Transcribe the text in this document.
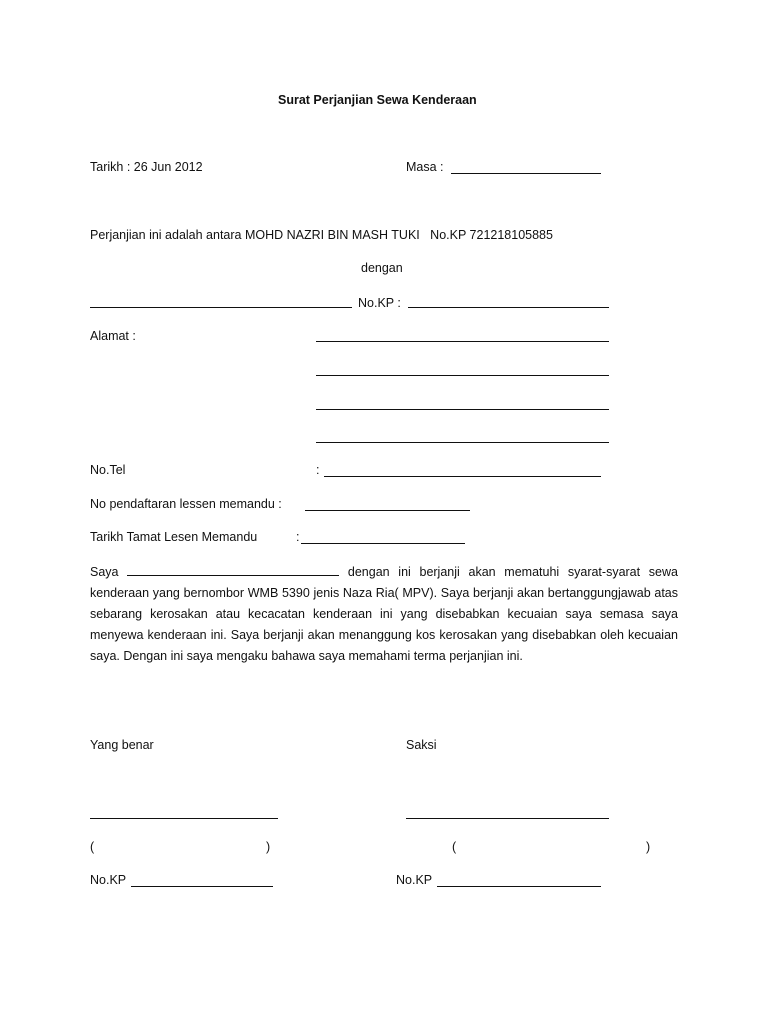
Surat Perjanjian Sewa Kenderaan
Tarikh : 26 Jun 2012	Masa :
Perjanjian ini adalah antara MOHD NAZRI BIN MASH TUKI   No.KP 721218105885
dengan
No.KP :
Alamat :
No.Tel	:
No pendaftaran lessen memandu :
Tarikh Tamat Lesen Memandu	:
Saya	dengan ini berjanji akan mematuhi syarat-syarat sewa kenderaan yang bernombor WMB 5390 jenis Naza Ria( MPV). Saya berjanji akan bertanggungjawab atas sebarang kerosakan atau kecacatan kenderaan ini yang disebabkan kecuaian saya semasa saya menyewa kenderaan ini. Saya berjanji akan menanggung kos kerosakan yang disebabkan oleh kecuaian saya. Dengan ini saya mengaku bahawa saya memahami terma perjanjian ini.
Yang benar	Saksi
(	)	(	)
No.KP	No.KP
